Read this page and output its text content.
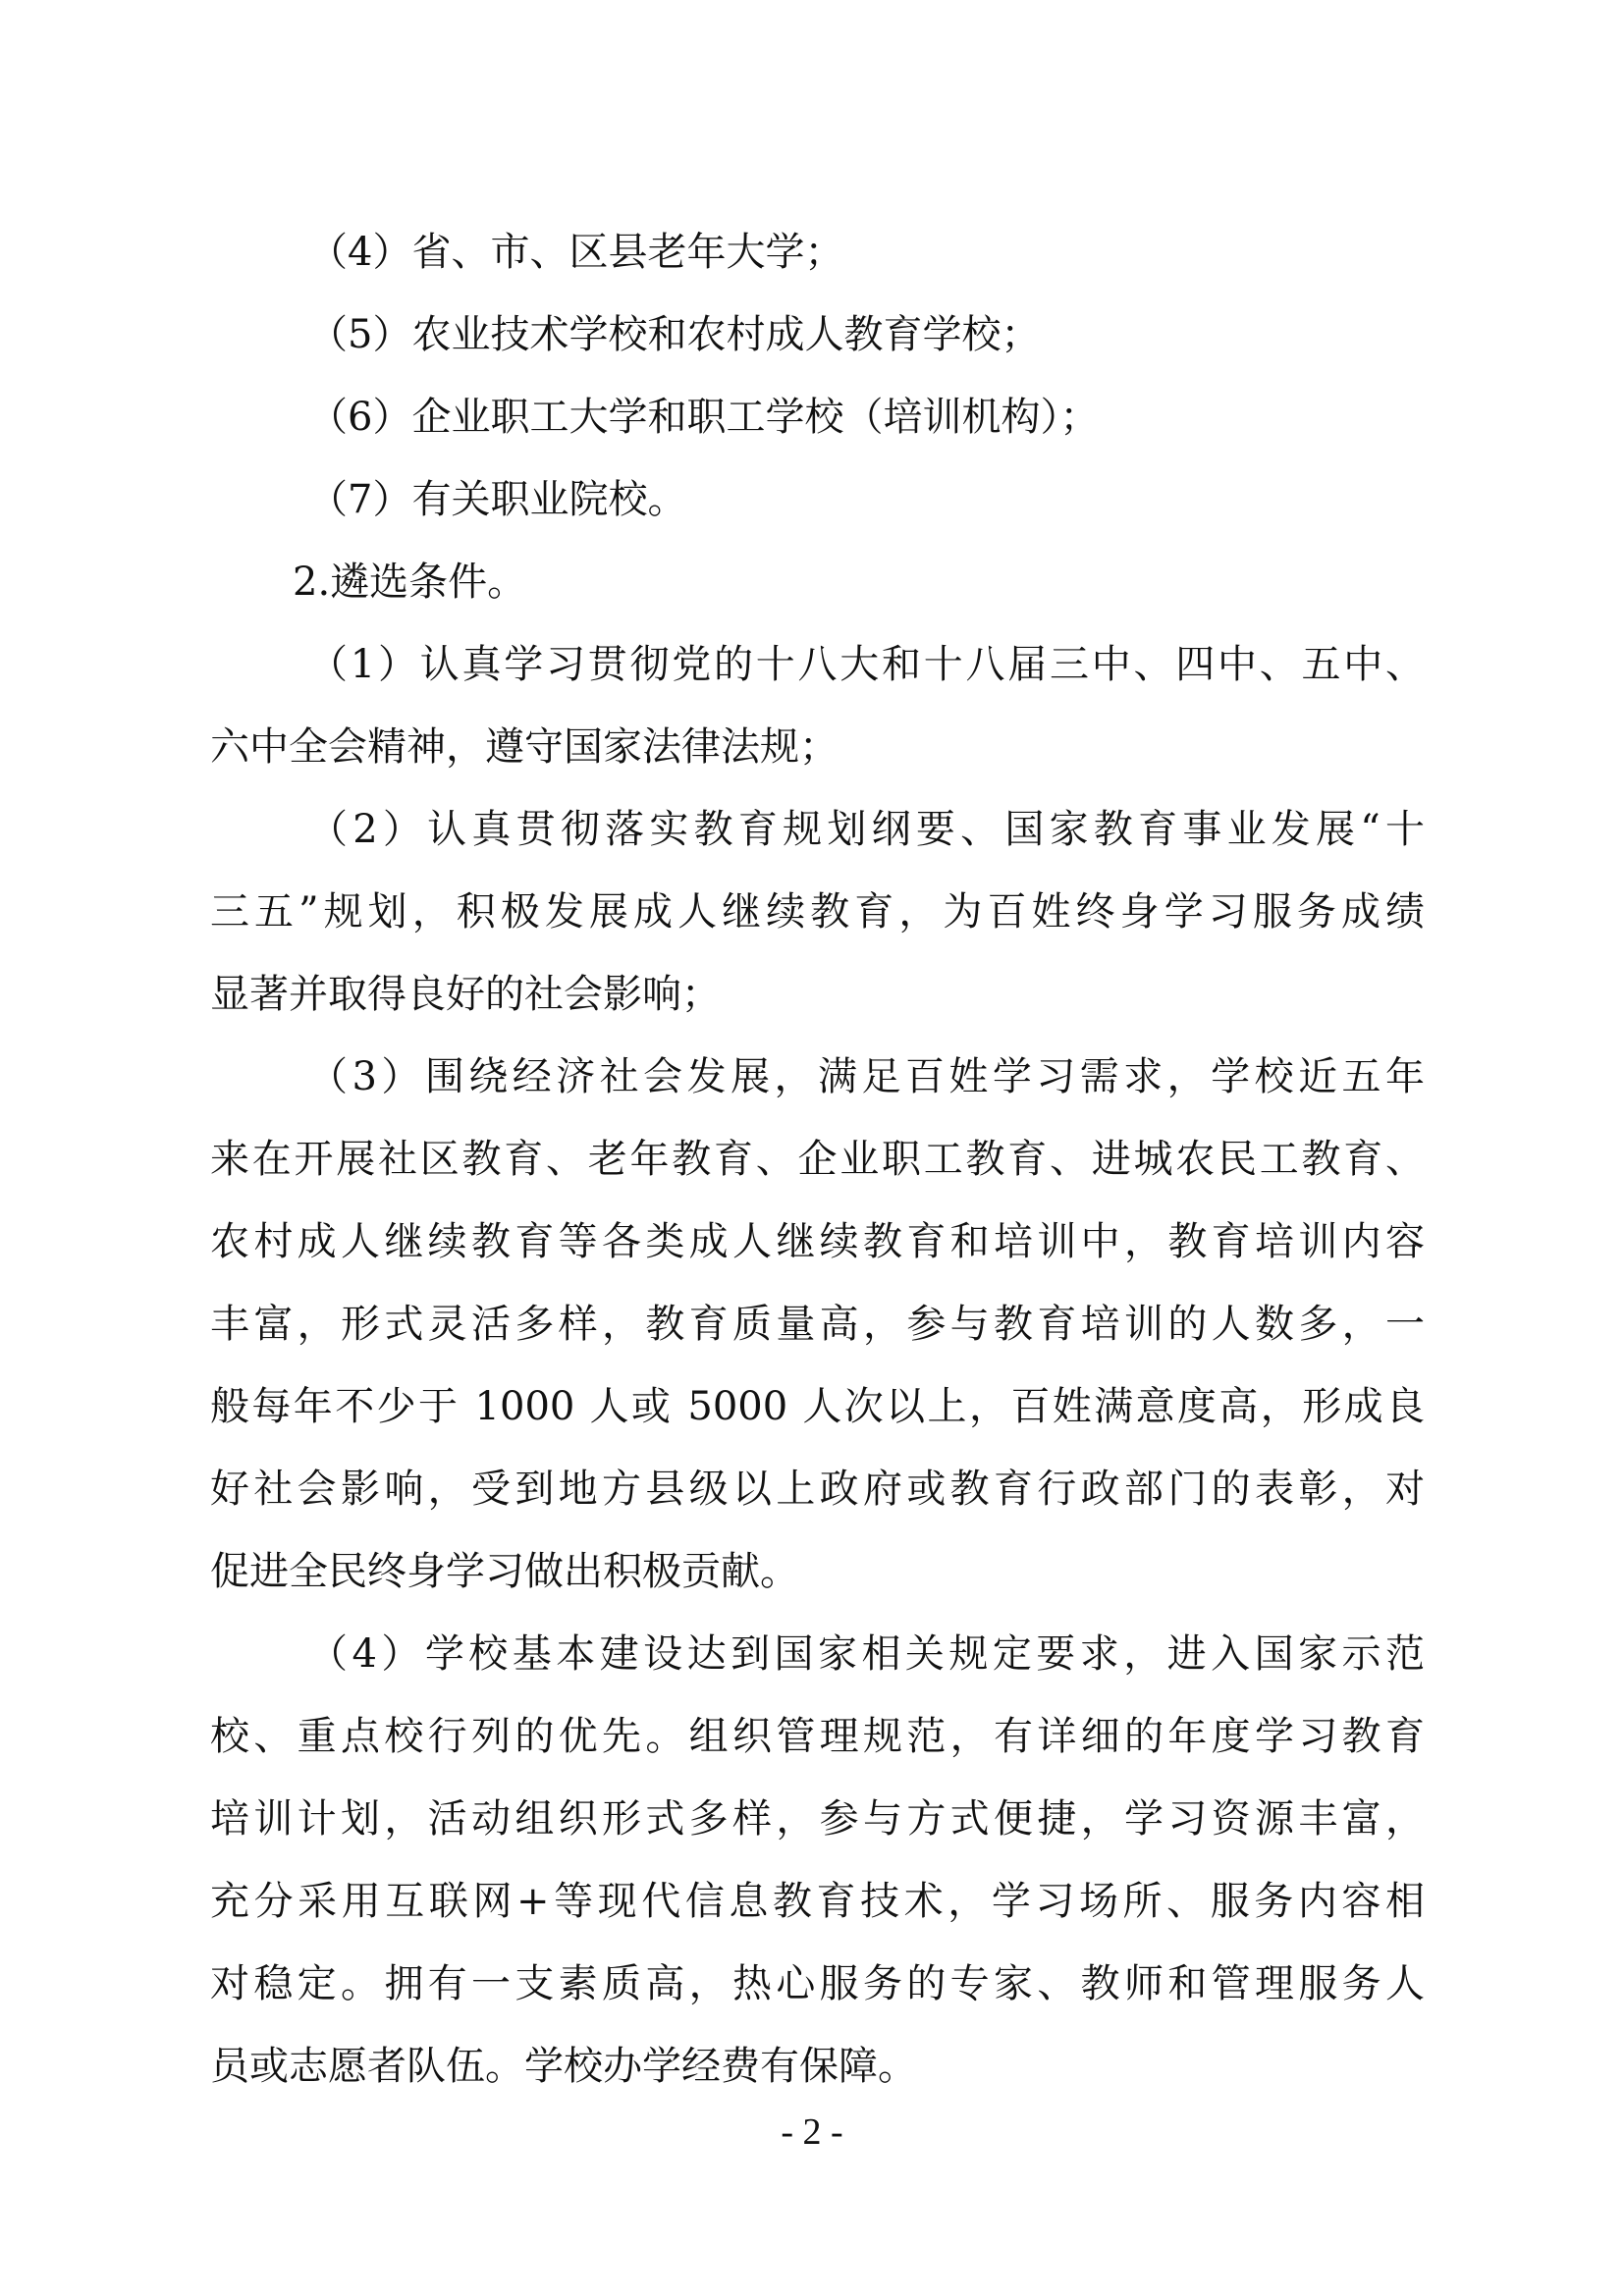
（4）省、市、区县老年大学；
（5）农业技术学校和农村成人教育学校；
（6）企业职工大学和职工学校（培训机构）；
（7）有关职业院校。
2.遴选条件。
（1）认真学习贯彻党的十八大和十八届三中、四中、五中、
六中全会精神，遵守国家法律法规；
（2）认真贯彻落实教育规划纲要、国家教育事业发展“十
三五”规划，积极发展成人继续教育，为百姓终身学习服务成绩
显著并取得良好的社会影响；
（3）围绕经济社会发展，满足百姓学习需求，学校近五年
来在开展社区教育、老年教育、企业职工教育、进城农民工教育、
农村成人继续教育等各类成人继续教育和培训中，教育培训内容
丰富，形式灵活多样，教育质量高，参与教育培训的人数多，一
般每年不少于 1000 人或 5000 人次以上，百姓满意度高，形成良
好社会影响，受到地方县级以上政府或教育行政部门的表彰，对
促进全民终身学习做出积极贡献。
（4）学校基本建设达到国家相关规定要求，进入国家示范
校、重点校行列的优先。组织管理规范，有详细的年度学习教育
培训计划，活动组织形式多样，参与方式便捷，学习资源丰富，
充分采用互联网+等现代信息教育技术，学习场所、服务内容相
对稳定。拥有一支素质高，热心服务的专家、教师和管理服务人
员或志愿者队伍。学校办学经费有保障。
- 2 -
